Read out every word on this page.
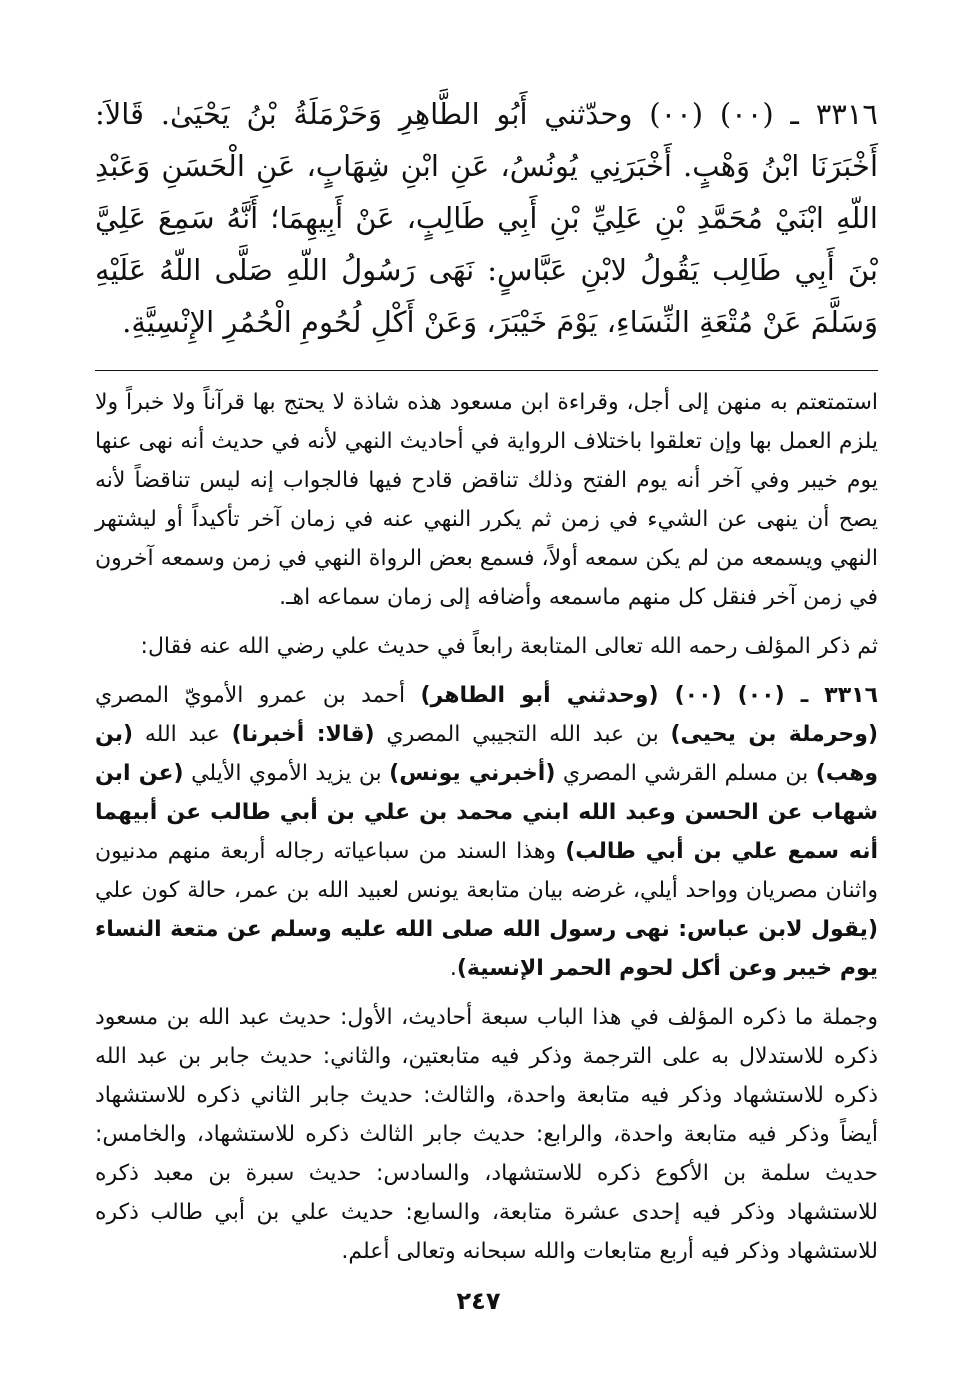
٣٣١٦ ـ (٠٠) (٠٠) وحدّثني أَبُو الطَّاهِرِ وَحَرْمَلَةُ بْنُ يَحْيَىٰ. قَالاَ: أَخْبَرَنَا ابْنُ وَهْبٍ. أَخْبَرَنِي يُونُسُ، عَنِ ابْنِ شِهَابٍ، عَنِ الْحَسَنِ وَعَبْدِ اللّهِ ابْنَيْ مُحَمَّدِ بْنِ عَلِيِّ بْنِ أَبِي طَالِبٍ، عَنْ أَبِيهِمَا؛ أَنَّهُ سَمِعَ عَلِيَّ بْنَ أَبِي طَالِب يَقُولُ لابْنِ عَبَّاسٍ: نَهَى رَسُولُ اللّهِ صَلَّى اللّهُ عَلَيْهِ وَسَلَّمَ عَنْ مُتْعَةِ النِّسَاءِ، يَوْمَ خَيْبَرَ، وَعَنْ أَكْلِ لُحُومِ الْحُمُرِ الإِنْسِيَّةِ.

استمتعتم به منهن إلى أجل، وقراءة ابن مسعود هذه شاذة لا يحتج بها قرآناً ولا خبراً ولا يلزم العمل بها وإن تعلقوا باختلاف الرواية في أحاديث النهي لأنه في حديث أنه نهى عنها يوم خيبر وفي آخر أنه يوم الفتح وذلك تناقض قادح فيها فالجواب إنه ليس تناقضاً لأنه يصح أن ينهى عن الشيء في زمن ثم يكرر النهي عنه في زمان آخر تأكيداً أو ليشتهر النهي ويسمعه من لم يكن سمعه أولاً، فسمع بعض الرواة النهي في زمن وسمعه آخرون في زمن آخر فنقل كل منهم ماسمعه وأضافه إلى زمان سماعه اهـ.

ثم ذكر المؤلف رحمه الله تعالى المتابعة رابعاً في حديث علي رضي الله عنه فقال:

٣٣١٦ ـ (٠٠) (٠٠) (وحدثني أبو الطاهر) أحمد بن عمرو الأمويّ المصري (وحرملة بن يحيى) بن عبد الله التجيبي المصري (قالا: أخبرنا) عبد الله (بن وهب) بن مسلم القرشي المصري (أخبرني يونس) بن يزيد الأموي الأيلي (عن ابن شهاب عن الحسن وعبد الله ابني محمد بن علي بن أبي طالب عن أبيهما أنه سمع علي بن أبي طالب) وهذا السند من سباعياته رجاله أربعة منهم مدنيون واثنان مصريان وواحد أيلي، غرضه بيان متابعة يونس لعبيد الله بن عمر، حالة كون علي (يقول لابن عباس: نهى رسول الله صلى الله عليه وسلم عن متعة النساء يوم خيبر وعن أكل لحوم الحمر الإنسية).

وجملة ما ذكره المؤلف في هذا الباب سبعة أحاديث، الأول: حديث عبد الله بن مسعود ذكره للاستدلال به على الترجمة وذكر فيه متابعتين، والثاني: حديث جابر بن عبد الله ذكره للاستشهاد وذكر فيه متابعة واحدة، والثالث: حديث جابر الثاني ذكره للاستشهاد أيضاً وذكر فيه متابعة واحدة، والرابع: حديث جابر الثالث ذكره للاستشهاد، والخامس: حديث سلمة بن الأكوع ذكره للاستشهاد، والسادس: حديث سبرة بن معبد ذكره للاستشهاد وذكر فيه إحدى عشرة متابعة، والسابع: حديث علي بن أبي طالب ذكره للاستشهاد وذكر فيه أربع متابعات والله سبحانه وتعالى أعلم.

٢٤٧
